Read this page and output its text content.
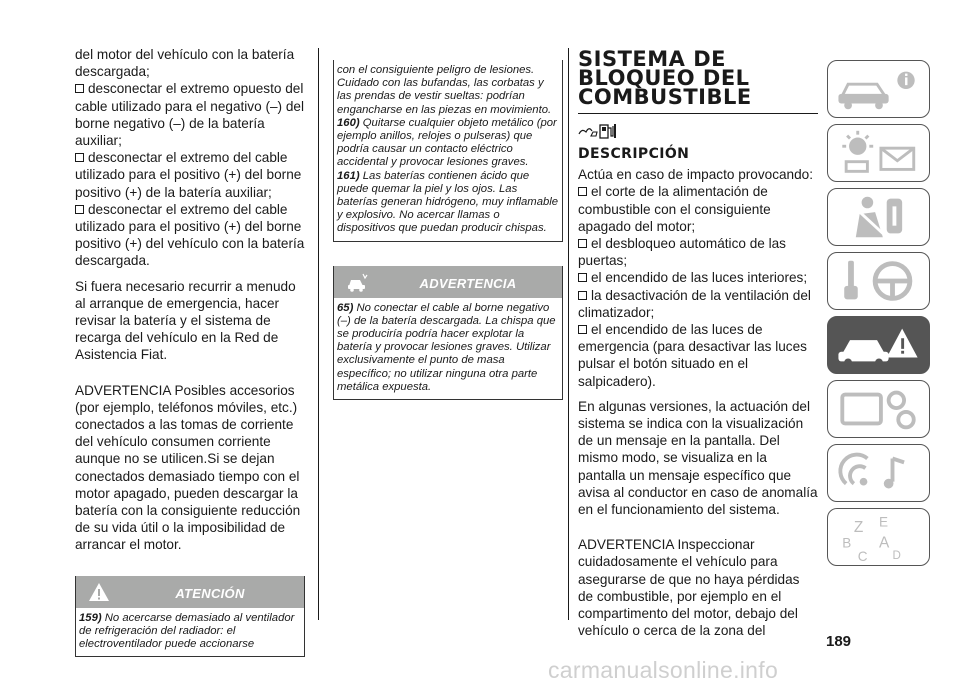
del motor del vehículo con la batería descargada;

desconectar el extremo opuesto del cable utilizado para el negativo (–) del borne negativo (–) de la batería auxiliar;
desconectar el extremo del cable utilizado para el positivo (+) del borne positivo (+) de la batería auxiliar;
desconectar el extremo del cable utilizado para el positivo (+) del borne positivo (+) del vehículo con la batería descargada.

Si fuera necesario recurrir a menudo al arranque de emergencia, hacer revisar la batería y el sistema de recarga del vehículo en la Red de Asistencia Fiat.

ADVERTENCIA Posibles accesorios (por ejemplo, teléfonos móviles, etc.) conectados a las tomas de corriente del vehículo consumen corriente aunque no se utilicen.Si se dejan conectados demasiado tiempo con el motor apagado, pueden descargar la batería con la consiguiente reducción de su vida útil o la imposibilidad de arrancar el motor.

ATENCIÓN
159) No acercarse demasiado al ventilador de refrigeración del radiador: el electroventilador puede accionarse
con el consiguiente peligro de lesiones. Cuidado con las bufandas, las corbatas y las prendas de vestir sueltas: podrían engancharse en las piezas en movimiento.
160) Quitarse cualquier objeto metálico (por ejemplo anillos, relojes o pulseras) que podría causar un contacto eléctrico accidental y provocar lesiones graves.
161) Las baterías contienen ácido que puede quemar la piel y los ojos. Las baterías generan hidrógeno, muy inflamable y explosivo. No acercar llamas o dispositivos que puedan producir chispas.
ADVERTENCIA
65) No conectar el cable al borne negativo (–) de la batería descargada. La chispa que se produciría podría hacer explotar la batería y provocar lesiones graves. Utilizar exclusivamente el punto de masa específico; no utilizar ninguna otra parte metálica expuesta.
SISTEMA DE BLOQUEO DEL COMBUSTIBLE
DESCRIPCIÓN

Actúa en caso de impacto provocando:

el corte de la alimentación de combustible con el consiguiente apagado del motor;
el desbloqueo automático de las puertas;
el encendido de las luces interiores;
la desactivación de la ventilación del climatizador;
el encendido de las luces de emergencia (para desactivar las luces pulsar el botón situado en el salpicadero).

En algunas versiones, la actuación del sistema se indica con la visualización de un mensaje en la pantalla. Del mismo modo, se visualiza en la pantalla un mensaje específico que avisa al conductor en caso de anomalía en el funcionamiento del sistema.

ADVERTENCIA Inspeccionar cuidadosamente el vehículo para asegurarse de que no haya pérdidas de combustible, por ejemplo en el compartimento del motor, debajo del vehículo o cerca de la zona del

Z E
B A
C D
189
carmanualsonline.info
